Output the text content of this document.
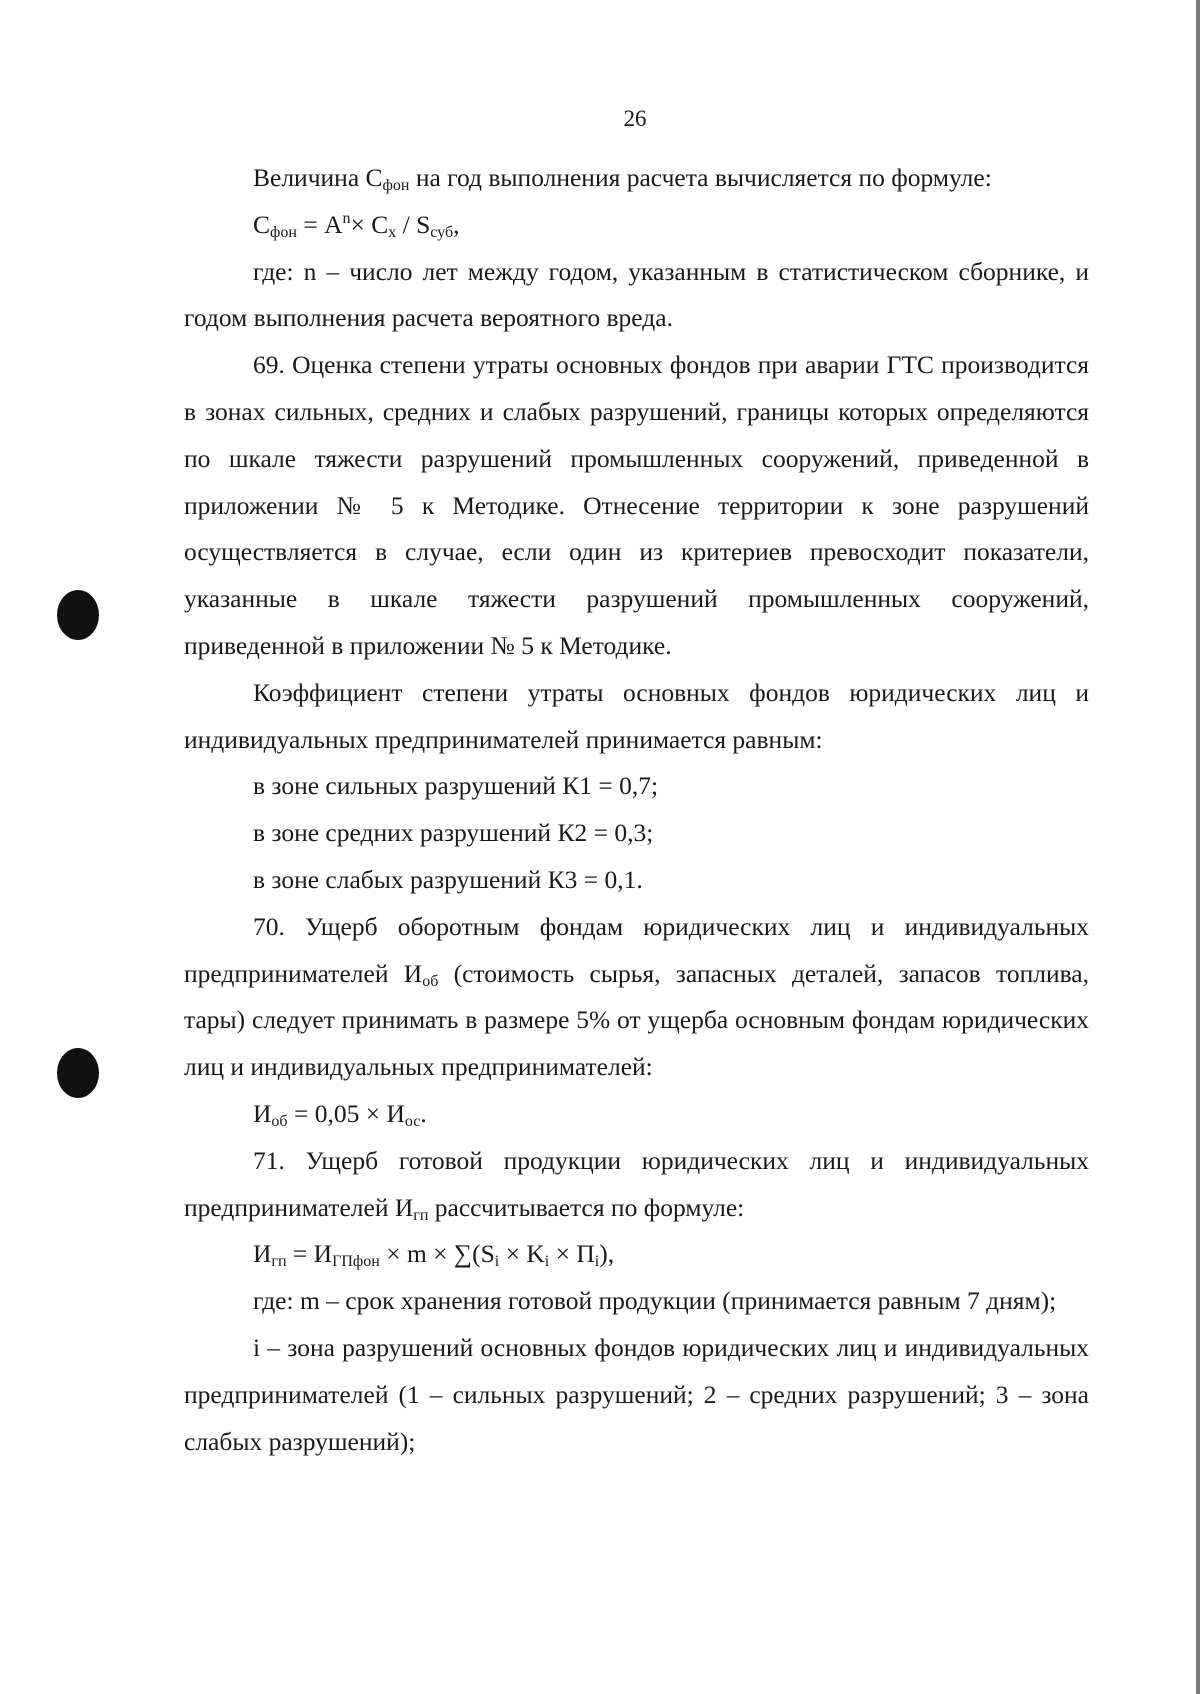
26

Величина $С_{фон}$ на год выполнения расчета вычисляется по формуле:

$С_{фон} = А^n\times С_x / S_{суб}$,

где: n – число лет между годом, указанным в статистическом сборнике, и годом выполнения расчета вероятного вреда.

69. Оценка степени утраты основных фондов при аварии ГТС производится в зонах сильных, средних и слабых разрушений, границы которых определяются по шкале тяжести разрушений промышленных сооружений, приведенной в приложении № 5 к Методике. Отнесение территории к зоне разрушений осуществляется в случае, если один из критериев превосходит показатели, указанные в шкале тяжести разрушений промышленных сооружений, приведенной в приложении № 5 к Методике.

Коэффициент степени утраты основных фондов юридических лиц и индивидуальных предпринимателей принимается равным:

в зоне сильных разрушений К1 = 0,7;

в зоне средних разрушений К2 = 0,3;

в зоне слабых разрушений К3 = 0,1.

70. Ущерб оборотным фондам юридических лиц и индивидуальных предпринимателей $И_{об}$ (стоимость сырья, запасных деталей, запасов топлива, тары) следует принимать в размере 5% от ущерба основным фондам юридических лиц и индивидуальных предпринимателей:

$И_{об} = 0,05 \times И_{ос}$.

71. Ущерб готовой продукции юридических лиц и индивидуальных предпринимателей $И_{гп}$ рассчитывается по формуле:

$И_{гп} = И_{ГПфон} \times m \times \sum(S_i \times K_i \times П_i)$,

где: m – срок хранения готовой продукции (принимается равным 7 дням);

i – зона разрушений основных фондов юридических лиц и индивидуальных предпринимателей (1 – сильных разрушений; 2 – средних разрушений; 3 – зона слабых разрушений);
